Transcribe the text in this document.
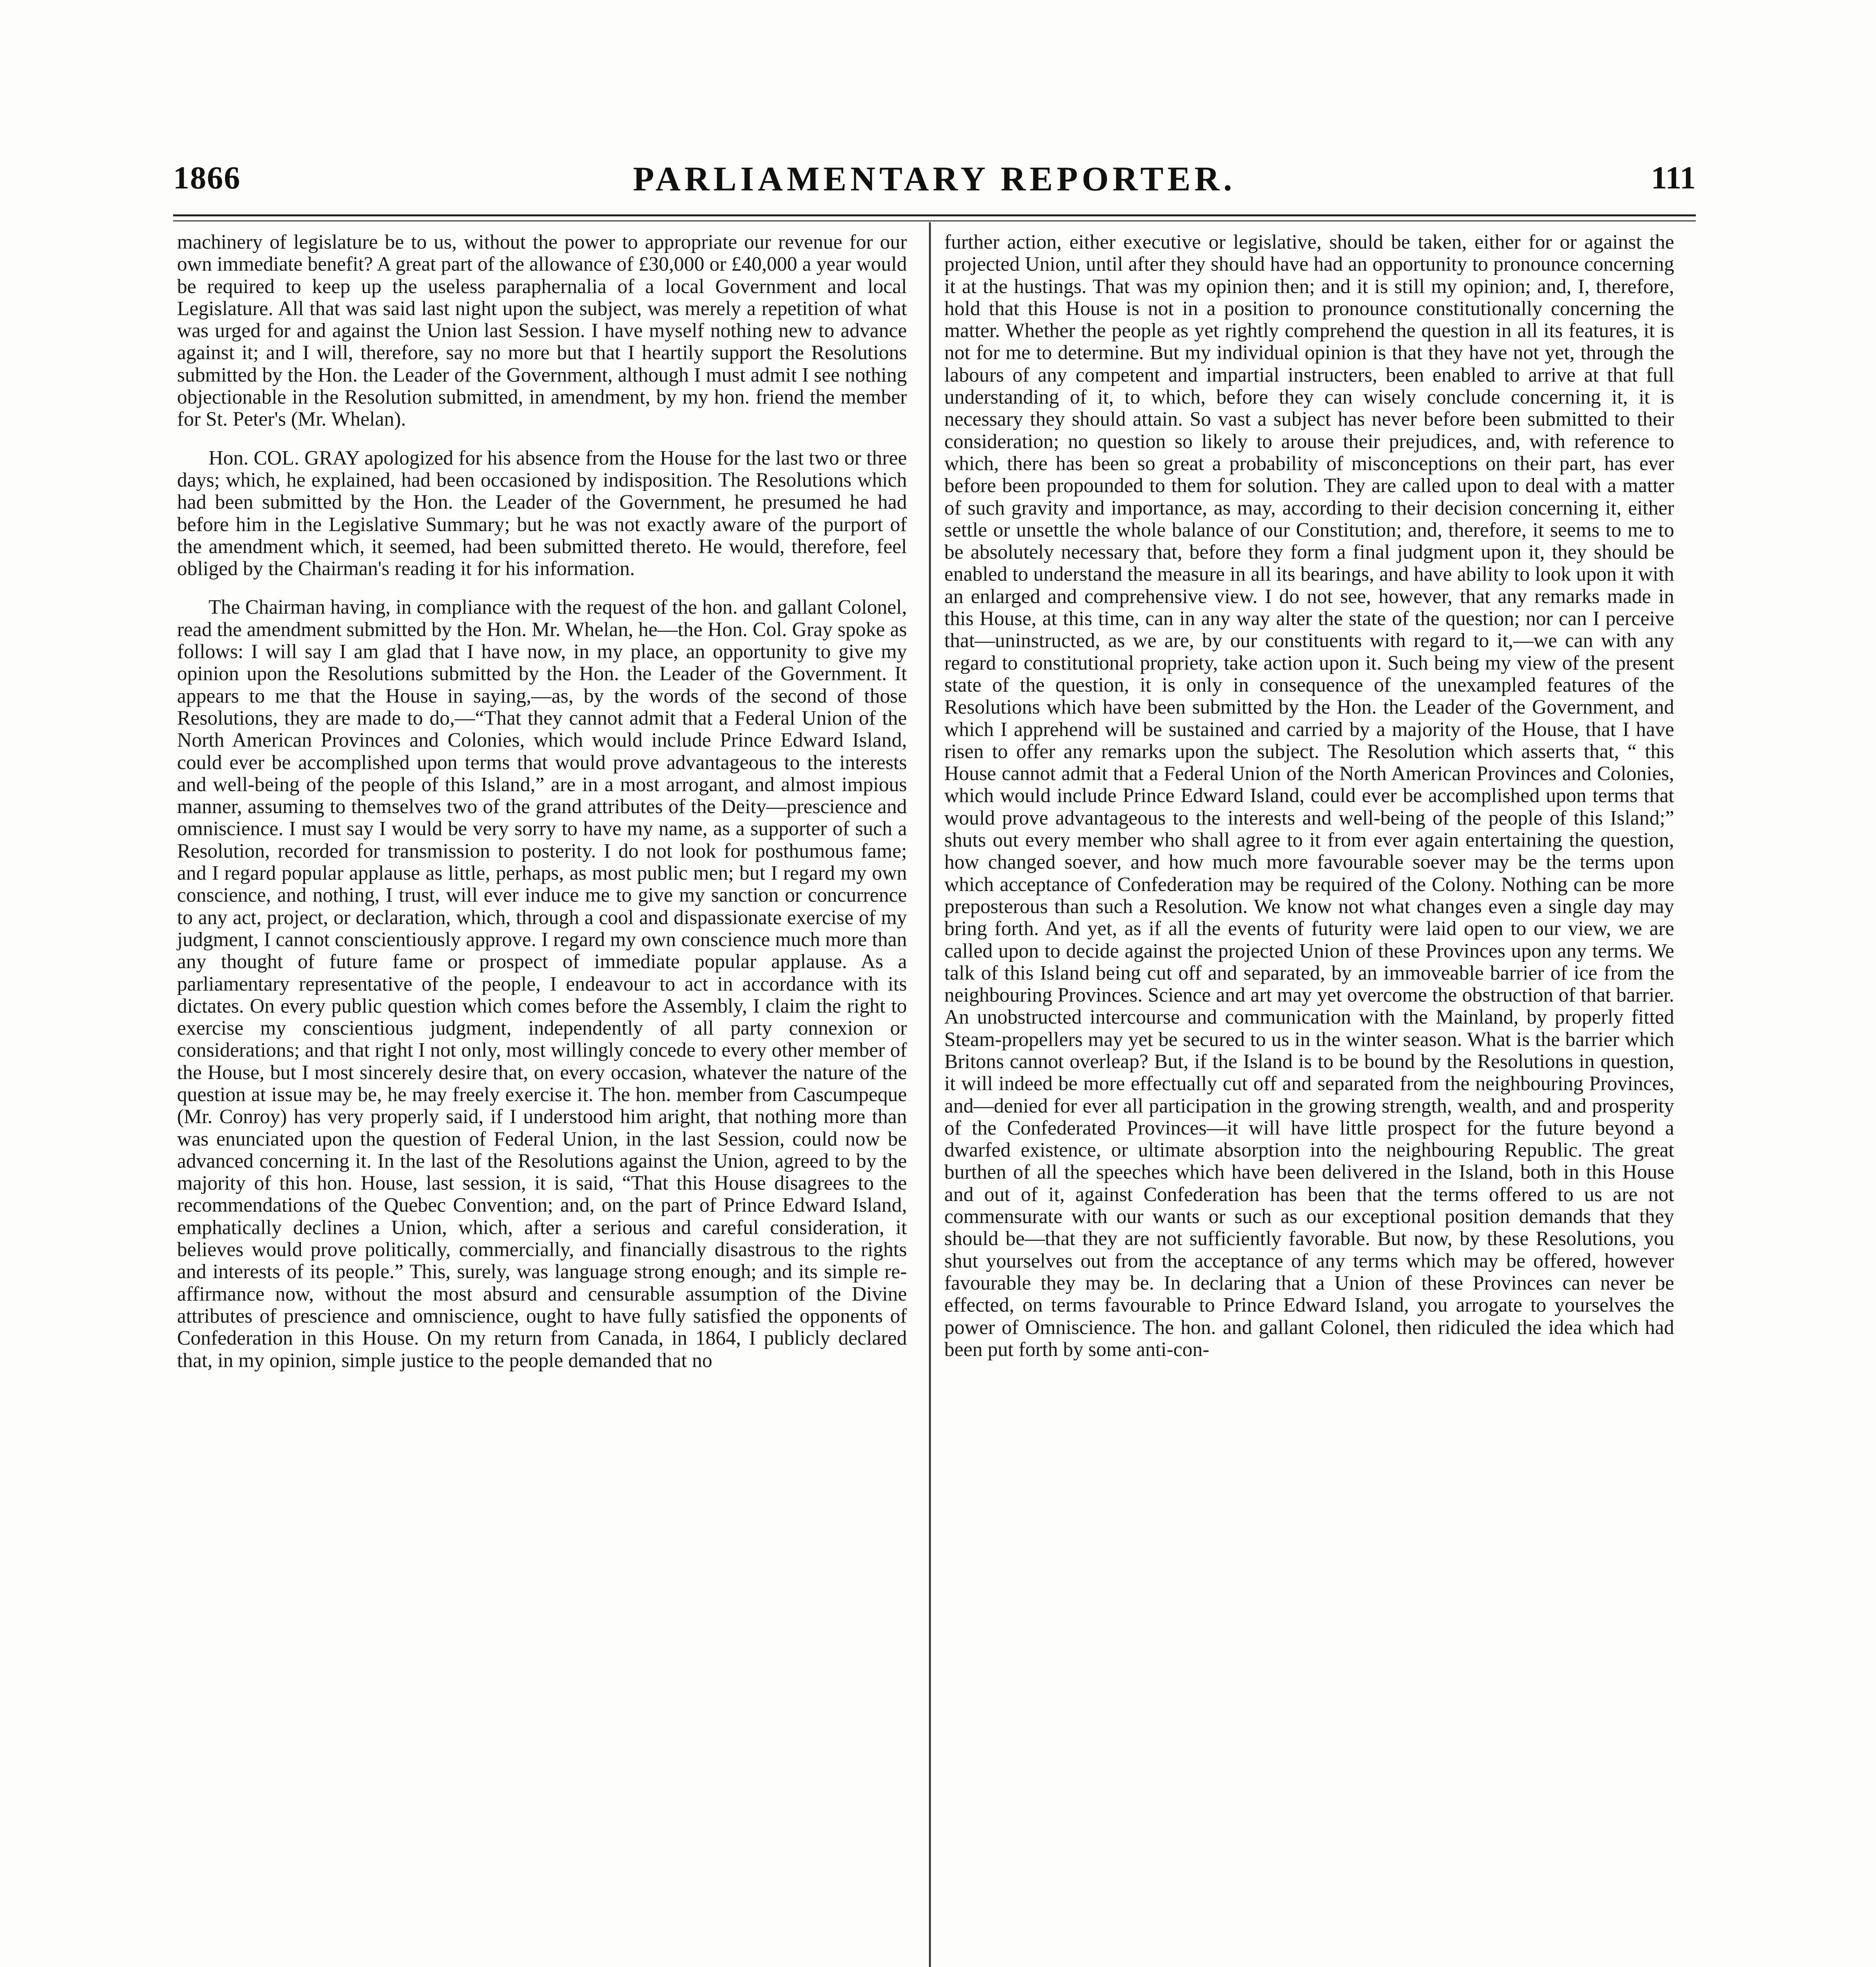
PARLIAMENTARY REPORTER.
1866	111

machinery of legislature be to us, without the power to appropriate our revenue for our own immediate benefit? A great part of the allowance of £30,000 or £40,000 a year would be required to keep up the useless paraphernalia of a local Government and local Legislature. All that was said last night upon the subject, was merely a repetition of what was urged for and against the Union last Session. I have myself nothing new to advance against it; and I will, therefore, say no more but that I heartily support the Resolutions submitted by the Hon. the Leader of the Government, although I must admit I see nothing objectionable in the Resolution submitted, in amendment, by my hon. friend the member for St. Peter's (Mr. Whelan).

Hon. COL. GRAY apologized for his absence from the House for the last two or three days; which, he explained, had been occasioned by indisposition. The Resolutions which had been submitted by the Hon. the Leader of the Government, he presumed he had before him in the Legislative Summary; but he was not exactly aware of the purport of the amendment which, it seemed, had been submitted thereto. He would, therefore, feel obliged by the Chairman's reading it for his information.

The Chairman having, in compliance with the request of the hon. and gallant Colonel, read the amendment submitted by the Hon. Mr. Whelan, he—the Hon. Col. Gray spoke as follows: I will say I am glad that I have now, in my place, an opportunity to give my opinion upon the Resolutions submitted by the Hon. the Leader of the Government. It appears to me that the House in saying,—as, by the words of the second of those Resolutions, they are made to do,—“That they cannot admit that a Federal Union of the North American Provinces and Colonies, which would include Prince Edward Island, could ever be accomplished upon terms that would prove advantageous to the interests and well-being of the people of this Island,” are in a most arrogant, and almost impious manner, assuming to themselves two of the grand attributes of the Deity—prescience and omniscience. I must say I would be very sorry to have my name, as a supporter of such a Resolution, recorded for transmission to posterity. I do not look for posthumous fame; and I regard popular applause as little, perhaps, as most public men; but I regard my own conscience, and nothing, I trust, will ever induce me to give my sanction or concurrence to any act, project, or declaration, which, through a cool and dispassionate exercise of my judgment, I cannot conscientiously approve. I regard my own conscience much more than any thought of future fame or prospect of immediate popular applause. As a parliamentary representative of the people, I endeavour to act in accordance with its dictates. On every public question which comes before the Assembly, I claim the right to exercise my conscientious judgment, independently of all party connexion or considerations; and that right I not only, most willingly concede to every other member of the House, but I most sincerely desire that, on every occasion, whatever the nature of the question at issue may be, he may freely exercise it. The hon. member from Cascumpeque (Mr. Conroy) has very properly said, if I understood him aright, that nothing more than was enunciated upon the question of Federal Union, in the last Session, could now be advanced concerning it. In the last of the Resolutions against the Union, agreed to by the majority of this hon. House, last session, it is said, “That this House disagrees to the recommendations of the Quebec Convention; and, on the part of Prince Edward Island, emphatically declines a Union, which, after a serious and careful consideration, it believes would prove politically, commercially, and financially disastrous to the rights and interests of its people.” This, surely, was language strong enough; and its simple re-affirmance now, without the most absurd and censurable assumption of the Divine attributes of prescience and omniscience, ought to have fully satisfied the opponents of Confederation in this House. On my return from Canada, in 1864, I publicly declared that, in my opinion, simple justice to the people demanded that no

further action, either executive or legislative, should be taken, either for or against the projected Union, until after they should have had an opportunity to pronounce concerning it at the hustings. That was my opinion then; and it is still my opinion; and, I, therefore, hold that this House is not in a position to pronounce constitutionally concerning the matter. Whether the people as yet rightly comprehend the question in all its features, it is not for me to determine. But my individual opinion is that they have not yet, through the labours of any competent and impartial instructers, been enabled to arrive at that full understanding of it, to which, before they can wisely conclude concerning it, it is necessary they should attain. So vast a subject has never before been submitted to their consideration; no question so likely to arouse their prejudices, and, with reference to which, there has been so great a probability of misconceptions on their part, has ever before been propounded to them for solution. They are called upon to deal with a matter of such gravity and importance, as may, according to their decision concerning it, either settle or unsettle the whole balance of our Constitution; and, therefore, it seems to me to be absolutely necessary that, before they form a final judgment upon it, they should be enabled to understand the measure in all its bearings, and have ability to look upon it with an enlarged and comprehensive view. I do not see, however, that any remarks made in this House, at this time, can in any way alter the state of the question; nor can I perceive that—uninstructed, as we are, by our constituents with regard to it,—we can with any regard to constitutional propriety, take action upon it. Such being my view of the present state of the question, it is only in consequence of the unexampled features of the Resolutions which have been submitted by the Hon. the Leader of the Government, and which I apprehend will be sustained and carried by a majority of the House, that I have risen to offer any remarks upon the subject. The Resolution which asserts that, “ this House cannot admit that a Federal Union of the North American Provinces and Colonies, which would include Prince Edward Island, could ever be accomplished upon terms that would prove advantageous to the interests and well-being of the people of this Island;” shuts out every member who shall agree to it from ever again entertaining the question, how changed soever, and how much more favourable soever may be the terms upon which acceptance of Confederation may be required of the Colony. Nothing can be more preposterous than such a Resolution. We know not what changes even a single day may bring forth. And yet, as if all the events of futurity were laid open to our view, we are called upon to decide against the projected Union of these Provinces upon any terms. We talk of this Island being cut off and separated, by an immoveable barrier of ice from the neighbouring Provinces. Science and art may yet overcome the obstruction of that barrier. An unobstructed intercourse and communication with the Mainland, by properly fitted Steam-propellers may yet be secured to us in the winter season. What is the barrier which Britons cannot overleap? But, if the Island is to be bound by the Resolutions in question, it will indeed be more effectually cut off and separated from the neighbouring Provinces, and—denied for ever all participation in the growing strength, wealth, and and prosperity of the Confederated Provinces—it will have little prospect for the future beyond a dwarfed existence, or ultimate absorption into the neighbouring Republic. The great burthen of all the speeches which have been delivered in the Island, both in this House and out of it, against Confederation has been that the terms offered to us are not commensurate with our wants or such as our exceptional position demands that they should be—that they are not sufficiently favorable. But now, by these Resolutions, you shut yourselves out from the acceptance of any terms which may be offered, however favourable they may be. In declaring that a Union of these Provinces can never be effected, on terms favourable to Prince Edward Island, you arrogate to yourselves the power of Omniscience. The hon. and gallant Colonel, then ridiculed the idea which had been put forth by some anti-con-
